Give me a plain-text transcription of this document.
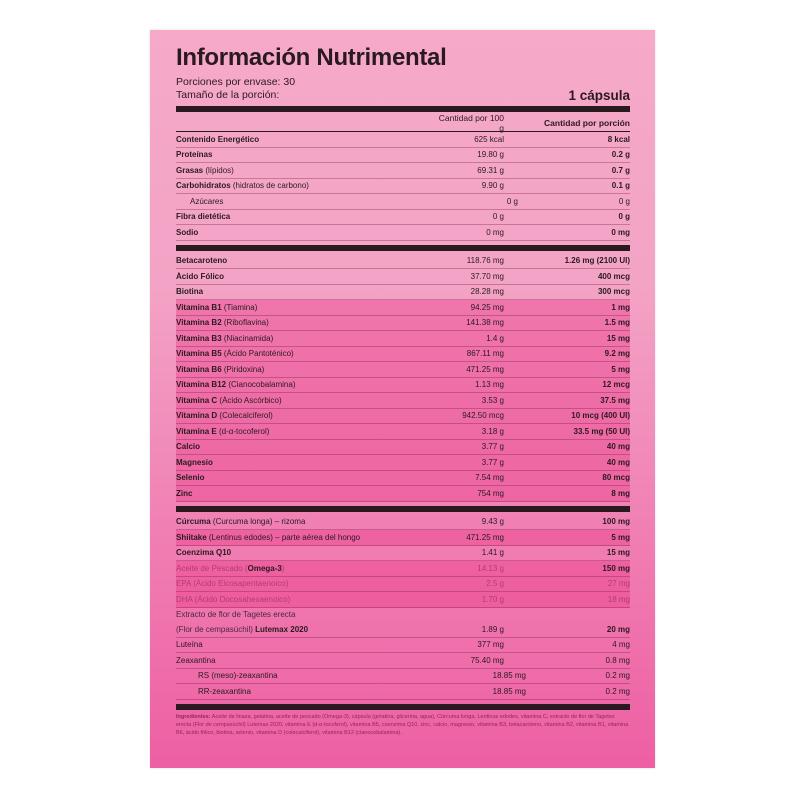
Información Nutrimental
Porciones por envase: 30
Tamaño de la porción:	1 cápsula
Cantidad por 100 g	Cantidad por porción
Contenido Energético	625 kcal	8 kcal
Proteínas	19.80 g	0.2 g
Grasas (lípidos)	69.31 g	0.7 g
Carbohidratos (hidratos de carbono)	9.90 g	0.1 g
Azúcares	0 g	0 g
Fibra dietética	0 g	0 g
Sodio	0 mg	0 mg
Betacaroteno	118.76 mg	1.26 mg (2100 UI)
Ácido Fólico	37.70 mg	400 mcg
Biotina	28.28 mg	300 mcg
Vitamina B1 (Tiamina)	94.25 mg	1 mg
Vitamina B2 (Riboflavina)	141.38 mg	1.5 mg
Vitamina B3 (Niacinamida)	1.4 g	15 mg
Vitamina B5 (Ácido Pantoténico)	867.11 mg	9.2 mg
Vitamina B6 (Piridoxina)	471.25 mg	5 mg
Vitamina B12 (Cianocobalamina)	1.13 mg	12 mcg
Vitamina C (Ácido Ascórbico)	3.53 g	37.5 mg
Vitamina D (Colecalciferol)	942.50 mcg	10 mcg (400 UI)
Vitamina E (d-α-tocoferol)	3.18 g	33.5 mg (50 UI)
Calcio	3.77 g	40 mg
Magnesio	3.77 g	40 mg
Selenio	7.54 mg	80 mcg
Zinc	754 mg	8 mg
Cúrcuma (Curcuma longa) – rizoma	9.43 g	100 mg
Shiitake (Lentinus edodes) – parte aérea del hongo	471.25 mg	5 mg
Coenzima Q10	1.41 g	15 mg
Aceite de Pescado (Omega-3)	14.13 g	150 mg
EPA (Ácido Eicosapentaenoico)	2.5 g	27 mg
DHA (Ácido Docosahexaenoico)	1.70 g	18 mg
Extracto de flor de Tagetes erecta
(Flor de cempasúchil) Lutemax 2020	1.89 g	20 mg
Luteína	377 mg	4 mg
Zeaxantina	75.40 mg	0.8 mg
RS (meso)-zeaxantina	18.85 mg	0.2 mg
RR-zeaxantina	18.85 mg	0.2 mg
Ingredientes: Aceite de linaza, gelatina, aceite de pescado (Omega-3), cápsula (gelatina, glicerina, agua), Cúrcuma longa, Lentinus edodes, vitamina C, extracto de flor de Tagetes erecta (Flor de cempasúchil) Lutemax 2020, vitamina E (d-α-tocoferol), vitamina B5, coenzima Q10, zinc, calcio, magnesio, vitamina B3, betacaroteno, vitamina B2, vitamina B1, vitamina B6, ácido fólico, biotina, selenio, vitamina D (colecalciferol), vitamina B12 (cianocobalamina).
